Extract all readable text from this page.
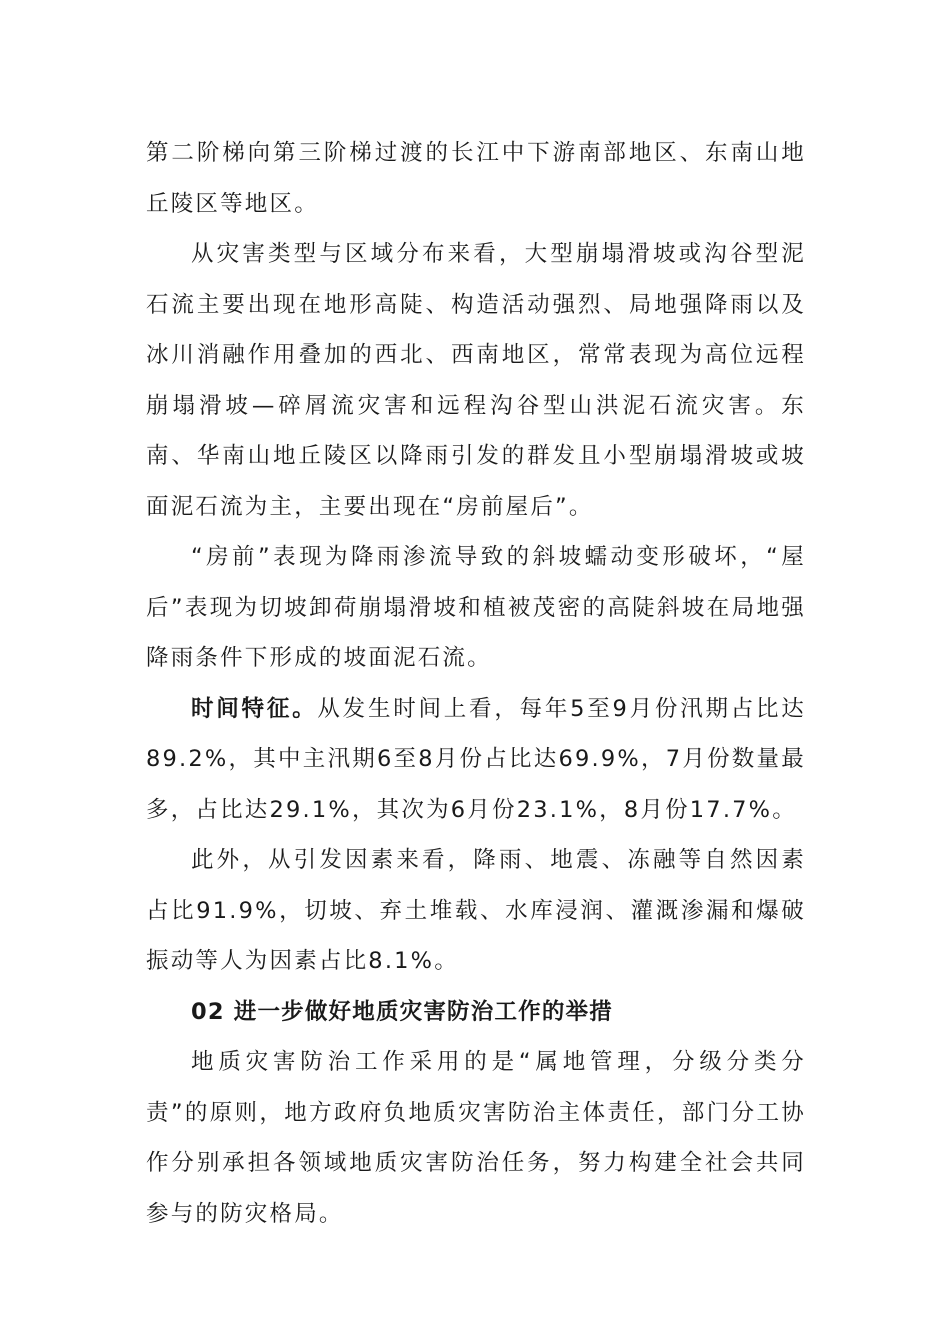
第二阶梯向第三阶梯过渡的长江中下游南部地区、东南山地丘陵区等地区。

从灾害类型与区域分布来看，大型崩塌滑坡或沟谷型泥石流主要出现在地形高陡、构造活动强烈、局地强降雨以及冰川消融作用叠加的西北、西南地区，常常表现为高位远程崩塌滑坡—碎屑流灾害和远程沟谷型山洪泥石流灾害。东南、华南山地丘陵区以降雨引发的群发且小型崩塌滑坡或坡面泥石流为主，主要出现在“房前屋后”。

“房前”表现为降雨渗流导致的斜坡蠕动变形破坏，“屋后”表现为切坡卸荷崩塌滑坡和植被茂密的高陡斜坡在局地强降雨条件下形成的坡面泥石流。

时间特征。从发生时间上看，每年5至9月份汛期占比达89.2%，其中主汛期6至8月份占比达69.9%，7月份数量最多，占比达29.1%，其次为6月份23.1%，8月份17.7%。

此外，从引发因素来看，降雨、地震、冻融等自然因素占比91.9%，切坡、弃土堆载、水库浸润、灌溉渗漏和爆破振动等人为因素占比8.1%。

02 进一步做好地质灾害防治工作的举措

地质灾害防治工作采用的是“属地管理，分级分类分责”的原则，地方政府负地质灾害防治主体责任，部门分工协作分别承担各领域地质灾害防治任务，努力构建全社会共同参与的防灾格局。
